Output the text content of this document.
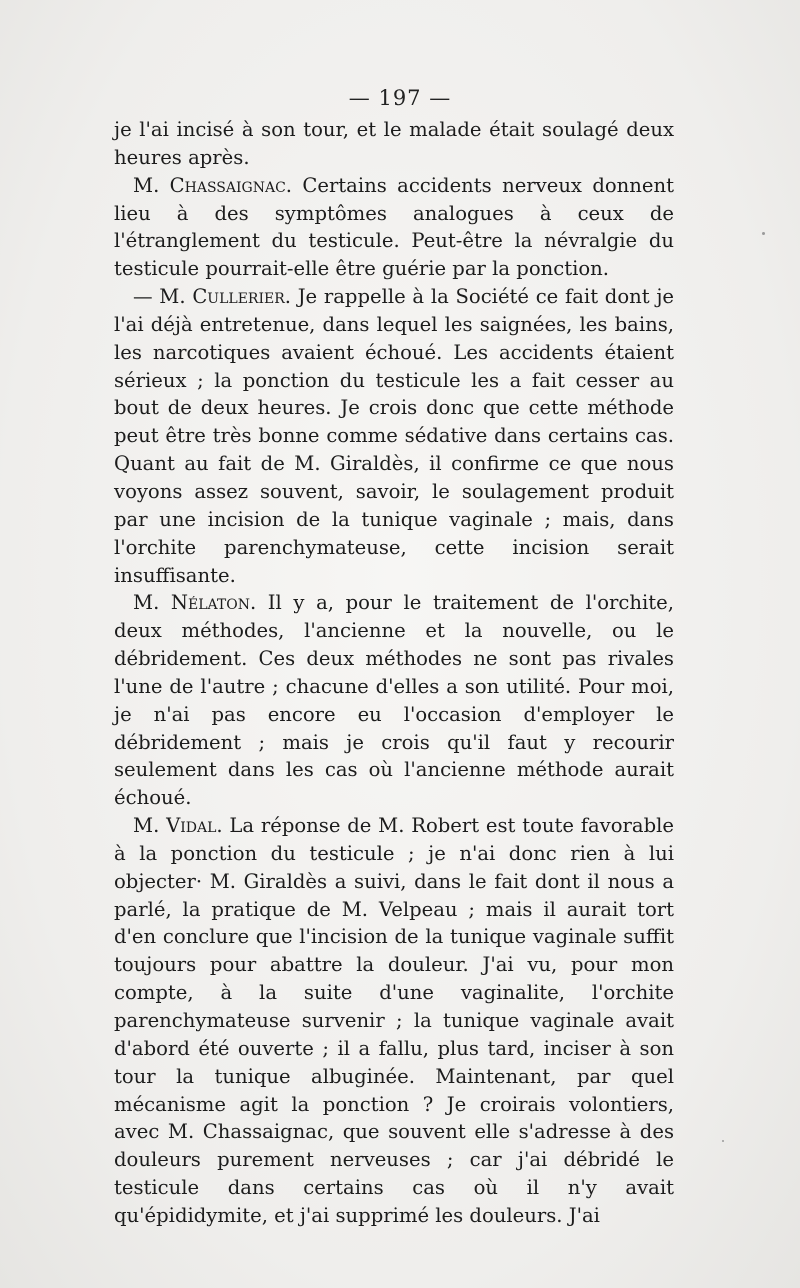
— 197 —

je l'ai incisé à son tour, et le malade était soulagé deux heures après.

M. Chassaignac. Certains accidents nerveux donnent lieu à des symptômes analogues à ceux de l'étranglement du testicule. Peut-être la névralgie du testicule pourrait-elle être guérie par la ponction.

— M. Cullerier. Je rappelle à la Société ce fait dont je l'ai déjà entretenue, dans lequel les saignées, les bains, les narcotiques avaient échoué. Les accidents étaient sérieux ; la ponction du testicule les a fait cesser au bout de deux heures. Je crois donc que cette méthode peut être très bonne comme sédative dans certains cas. Quant au fait de M. Giraldès, il confirme ce que nous voyons assez souvent, savoir, le soulagement produit par une incision de la tunique vaginale ; mais, dans l'orchite parenchymateuse, cette incision serait insuffisante.

M. Nélaton. Il y a, pour le traitement de l'orchite, deux méthodes, l'ancienne et la nouvelle, ou le débridement. Ces deux méthodes ne sont pas rivales l'une de l'autre ; chacune d'elles a son utilité. Pour moi, je n'ai pas encore eu l'occasion d'employer le débridement ; mais je crois qu'il faut y recourir seulement dans les cas où l'ancienne méthode aurait échoué.

M. Vidal. La réponse de M. Robert est toute favorable à la ponction du testicule ; je n'ai donc rien à lui objecter· M. Giraldès a suivi, dans le fait dont il nous a parlé, la pratique de M. Velpeau ; mais il aurait tort d'en conclure que l'incision de la tunique vaginale suffit toujours pour abattre la douleur. J'ai vu, pour mon compte, à la suite d'une vaginalite, l'orchite parenchymateuse survenir ; la tunique vaginale avait d'abord été ouverte ; il a fallu, plus tard, inciser à son tour la tunique albuginée. Maintenant, par quel mécanisme agit la ponction ? Je croirais volontiers, avec M. Chassaignac, que souvent elle s'adresse à des douleurs purement nerveuses ; car j'ai débridé le testicule dans certains cas où il n'y avait qu'épididymite, et j'ai supprimé les douleurs. J'ai
